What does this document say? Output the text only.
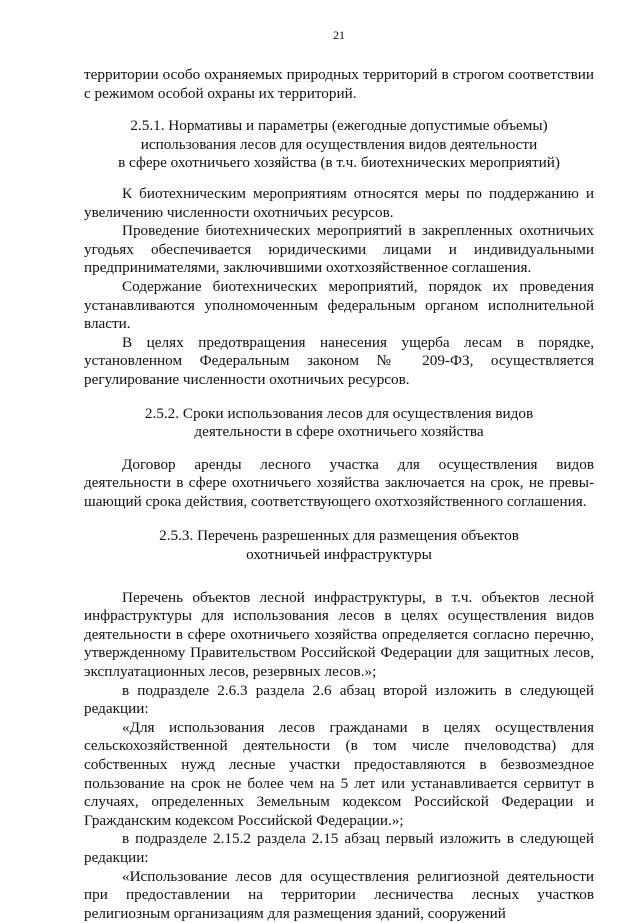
21

территории особо охраняемых природных территорий в строгом соответствии с режимом особой охраны их территорий.

2.5.1. Нормативы и параметры (ежегодные допустимые объемы)
использования лесов для осуществления видов деятельности
в сфере охотничьего хозяйства (в т.ч. биотехнических мероприятий)

К биотехническим мероприятиям относятся меры по поддержанию и увеличению численности охотничьих ресурсов.

Проведение биотехнических мероприятий в закрепленных охотничьих угодьях обеспечивается юридическими лицами и индивидуальными предпринимателями, заключившими охотхозяйственное соглашения.

Содержание биотехнических мероприятий, порядок их проведения устанавливаются уполномоченным федеральным органом исполнительной власти.

В целях предотвращения нанесения ущерба лесам в порядке, установленном Федеральным законом № 209-ФЗ, осуществляется регулирование численности охотничьих ресурсов.

2.5.2. Сроки использования лесов для осуществления видов
деятельности в сфере охотничьего хозяйства

Договор аренды лесного участка для осуществления видов деятельности в сфере охотничьего хозяйства заключается на срок, не превышающий срока действия, соответствующего охотхозяйственного соглашения.

2.5.3. Перечень разрешенных для размещения объектов
охотничьей инфраструктуры

Перечень объектов лесной инфраструктуры, в т.ч. объектов лесной инфраструктуры для использования лесов в целях осуществления видов деятельности в сфере охотничьего хозяйства определяется согласно перечню, утвержденному Правительством Российской Федерации для защитных лесов, эксплуатационных лесов, резервных лесов.»;

в подразделе 2.6.3 раздела 2.6 абзац второй изложить в следующей редакции:

«Для использования лесов гражданами в целях осуществления сельскохозяйственной деятельности (в том числе пчеловодства) для собственных нужд лесные участки предоставляются в безвозмездное пользование на срок не более чем на 5 лет или устанавливается сервитут в случаях, определенных Земельным кодексом Российской Федерации и Гражданским кодексом Российской Федерации.»;

в подразделе 2.15.2 раздела 2.15 абзац первый изложить в следующей редакции:

«Использование лесов для осуществления религиозной деятельности при предоставлении на территории лесничества лесных участков религиозным организациям для размещения зданий, сооружений
